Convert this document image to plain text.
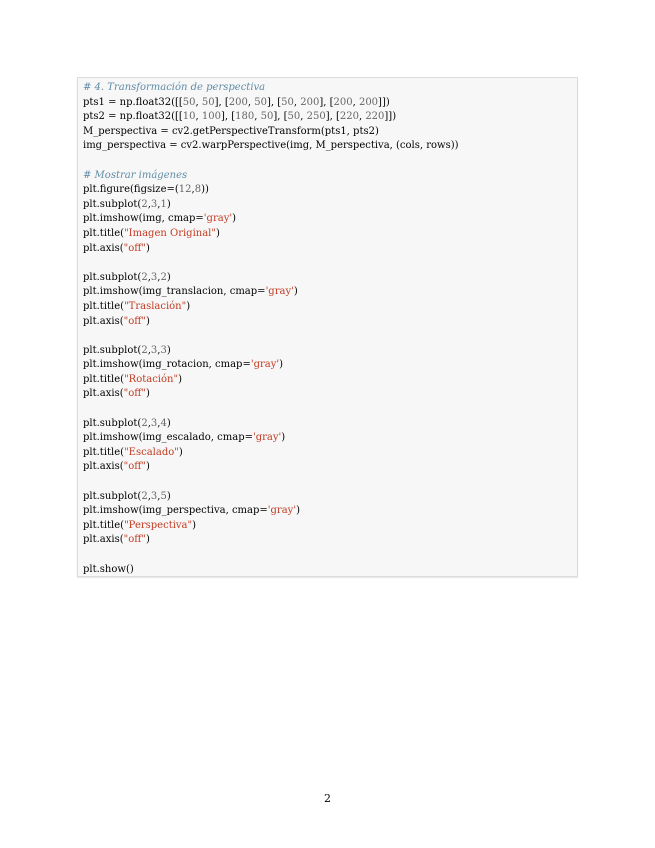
# 4. Transformación de perspectiva
pts1 = np.float32([[50, 50], [200, 50], [50, 200], [200, 200]])
pts2 = np.float32([[10, 100], [180, 50], [50, 250], [220, 220]])
M_perspectiva = cv2.getPerspectiveTransform(pts1, pts2)
img_perspectiva = cv2.warpPerspective(img, M_perspectiva, (cols, rows))

# Mostrar imágenes
plt.figure(figsize=(12,8))
plt.subplot(2,3,1)
plt.imshow(img, cmap='gray')
plt.title("Imagen Original")
plt.axis("off")

plt.subplot(2,3,2)
plt.imshow(img_translacion, cmap='gray')
plt.title("Traslación")
plt.axis("off")

plt.subplot(2,3,3)
plt.imshow(img_rotacion, cmap='gray')
plt.title("Rotación")
plt.axis("off")

plt.subplot(2,3,4)
plt.imshow(img_escalado, cmap='gray')
plt.title("Escalado")
plt.axis("off")

plt.subplot(2,3,5)
plt.imshow(img_perspectiva, cmap='gray')
plt.title("Perspectiva")
plt.axis("off")

plt.show()
2
